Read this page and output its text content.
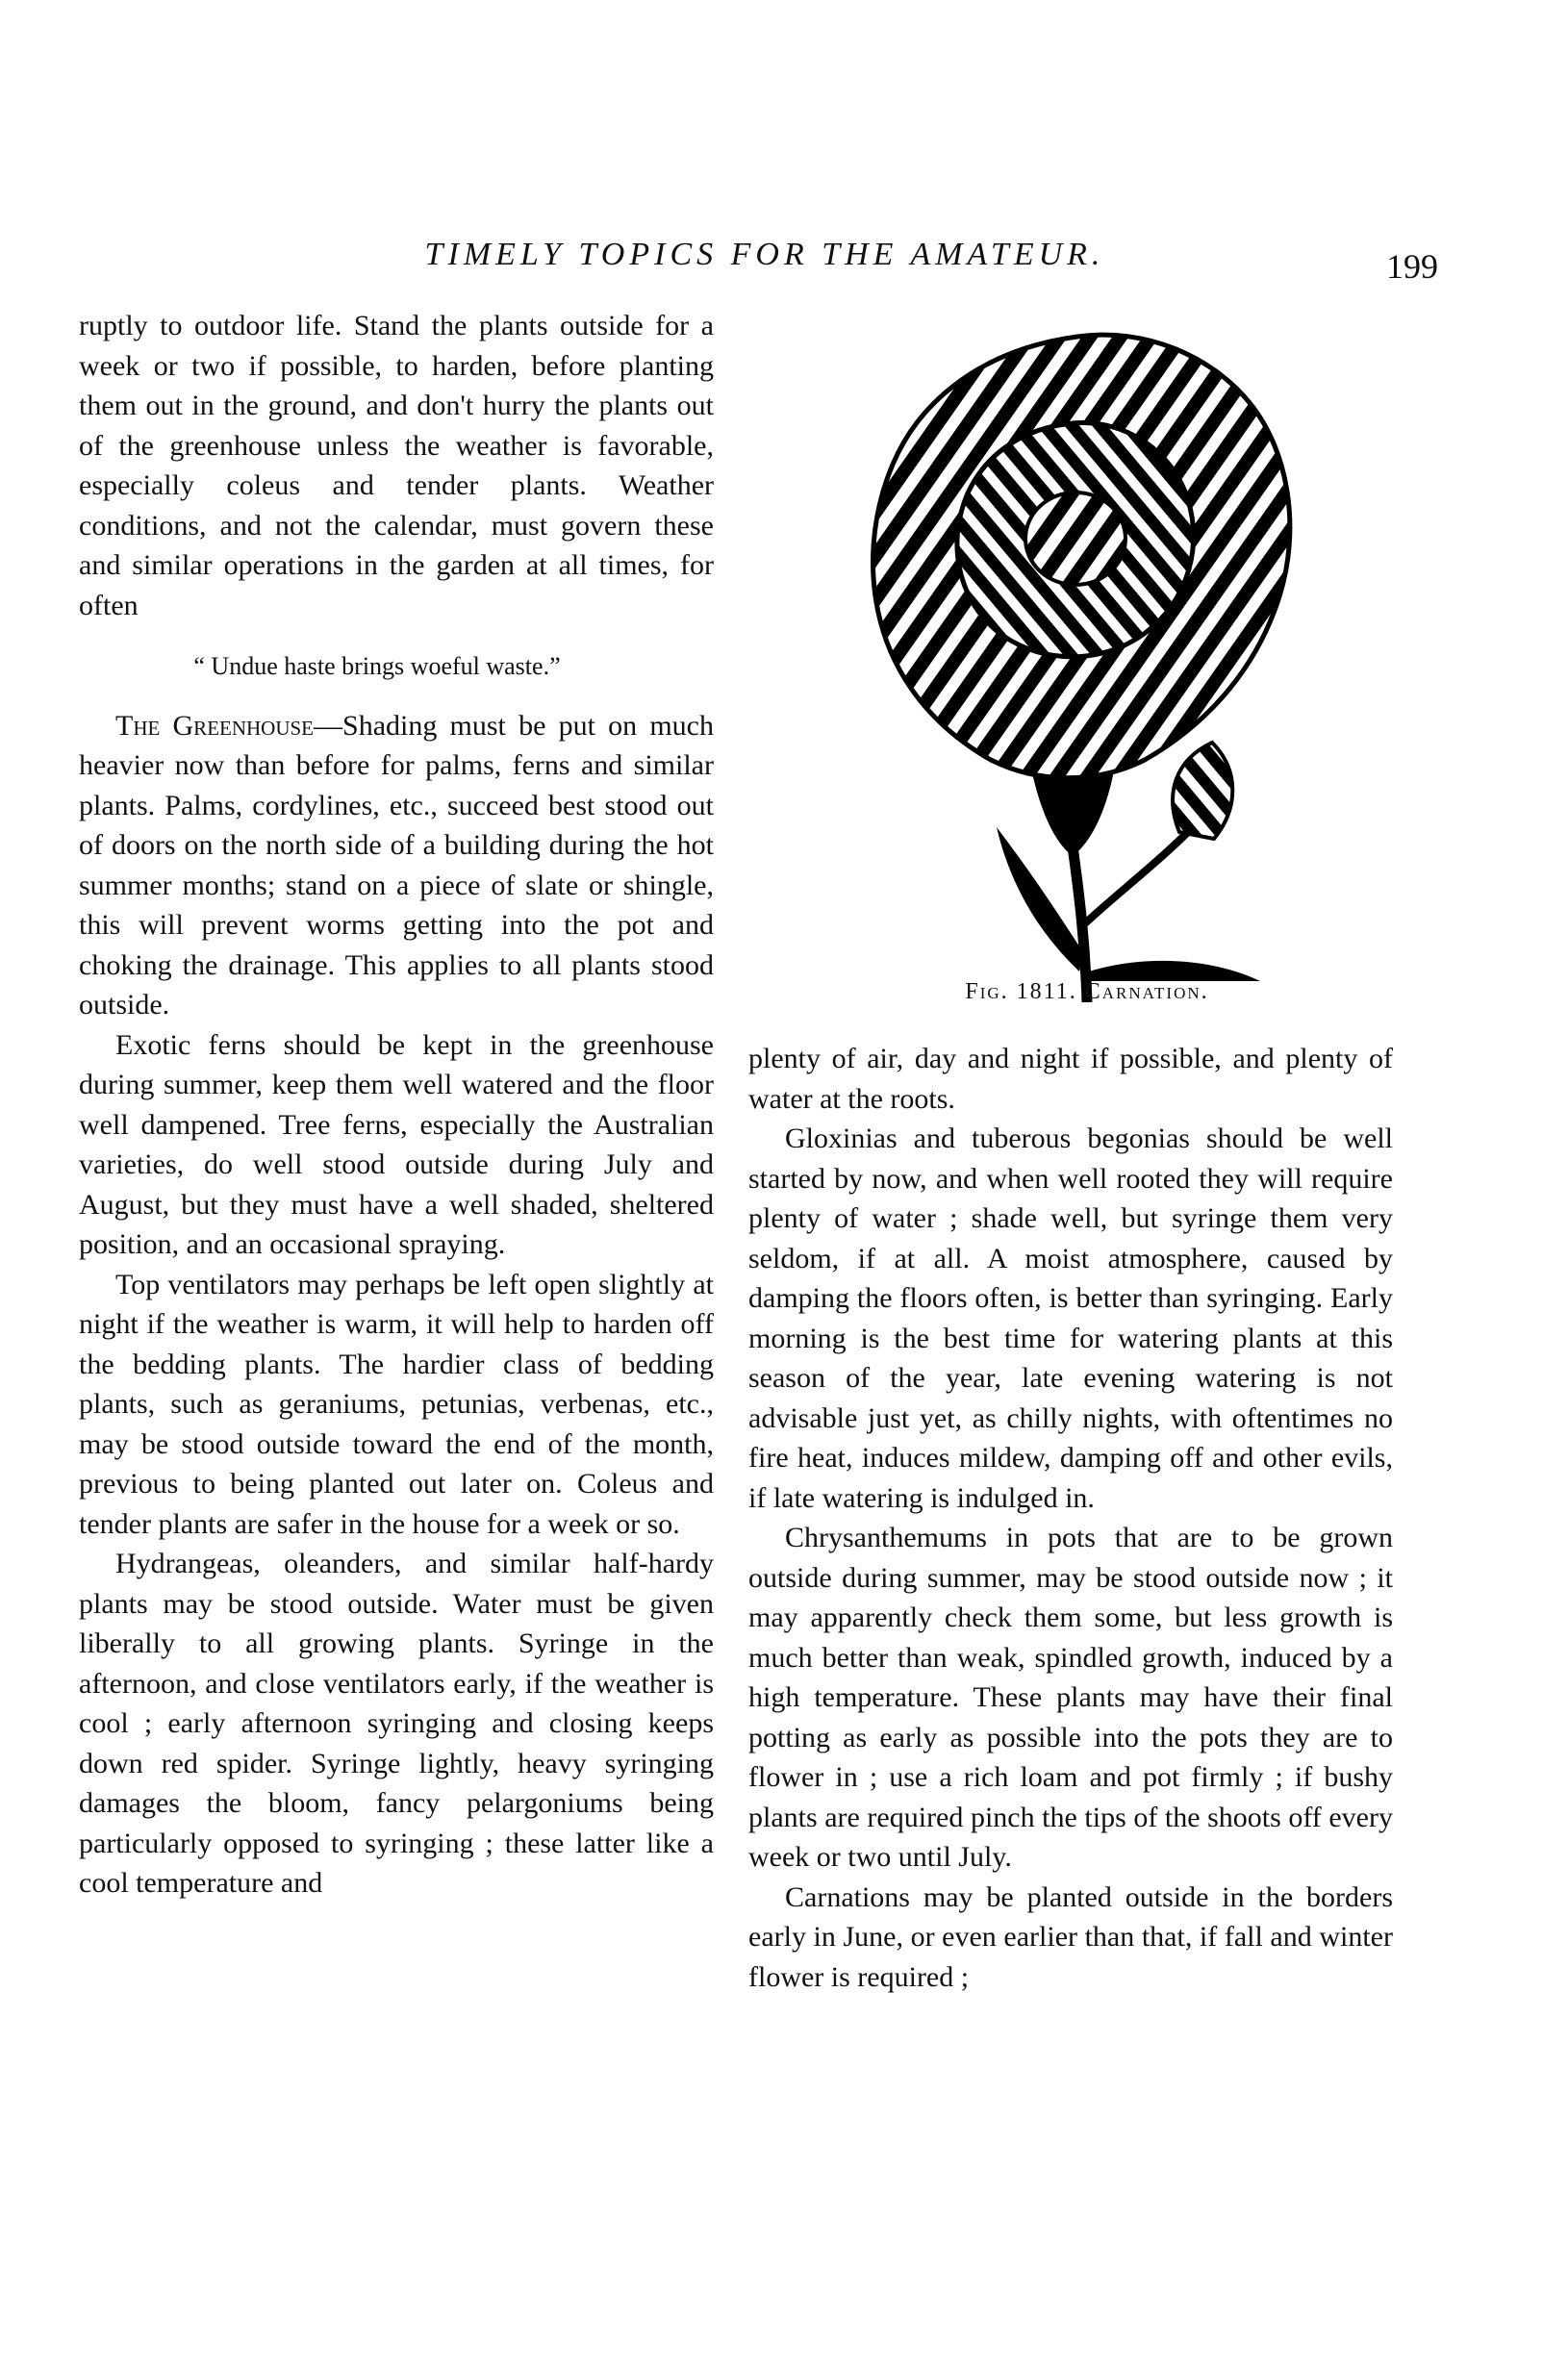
TIMELY TOPICS FOR THE AMATEUR.	199

ruptly to outdoor life. Stand the plants outside for a week or two if possible, to harden, before planting them out in the ground, and don't hurry the plants out of the greenhouse unless the weather is favorable, especially coleus and tender plants. Weather conditions, and not the calendar, must govern these and similar operations in the garden at all times, for often

“ Undue haste brings woeful waste.”

The Greenhouse—Shading must be put on much heavier now than before for palms, ferns and similar plants. Palms, cordylines, etc., succeed best stood out of doors on the north side of a building during the hot summer months; stand on a piece of slate or shingle, this will prevent worms getting into the pot and choking the drainage. This applies to all plants stood outside.

Exotic ferns should be kept in the greenhouse during summer, keep them well watered and the floor well dampened. Tree ferns, especially the Australian varieties, do well stood outside during July and August, but they must have a well shaded, sheltered position, and an occasional spraying.

Top ventilators may perhaps be left open slightly at night if the weather is warm, it will help to harden off the bedding plants. The hardier class of bedding plants, such as geraniums, petunias, verbenas, etc., may be stood outside toward the end of the month, previous to being planted out later on. Coleus and tender plants are safer in the house for a week or so.

Hydrangeas, oleanders, and similar half-hardy plants may be stood outside. Water must be given liberally to all growing plants. Syringe in the afternoon, and close ventilators early, if the weather is cool ; early afternoon syringing and closing keeps down red spider. Syringe lightly, heavy syringing damages the bloom, fancy pelargoniums being particularly opposed to syringing ; these latter like a cool temperature and

Fig. 1811. Carnation.

plenty of air, day and night if possible, and plenty of water at the roots.

Gloxinias and tuberous begonias should be well started by now, and when well rooted they will require plenty of water ; shade well, but syringe them very seldom, if at all. A moist atmosphere, caused by damping the floors often, is better than syringing. Early morning is the best time for watering plants at this season of the year, late evening watering is not advisable just yet, as chilly nights, with oftentimes no fire heat, induces mildew, damping off and other evils, if late watering is indulged in.

Chrysanthemums in pots that are to be grown outside during summer, may be stood outside now ; it may apparently check them some, but less growth is much better than weak, spindled growth, induced by a high temperature. These plants may have their final potting as early as possible into the pots they are to flower in ; use a rich loam and pot firmly ; if bushy plants are required pinch the tips of the shoots off every week or two until July.

Carnations may be planted outside in the borders early in June, or even earlier than that, if fall and winter flower is required ;
